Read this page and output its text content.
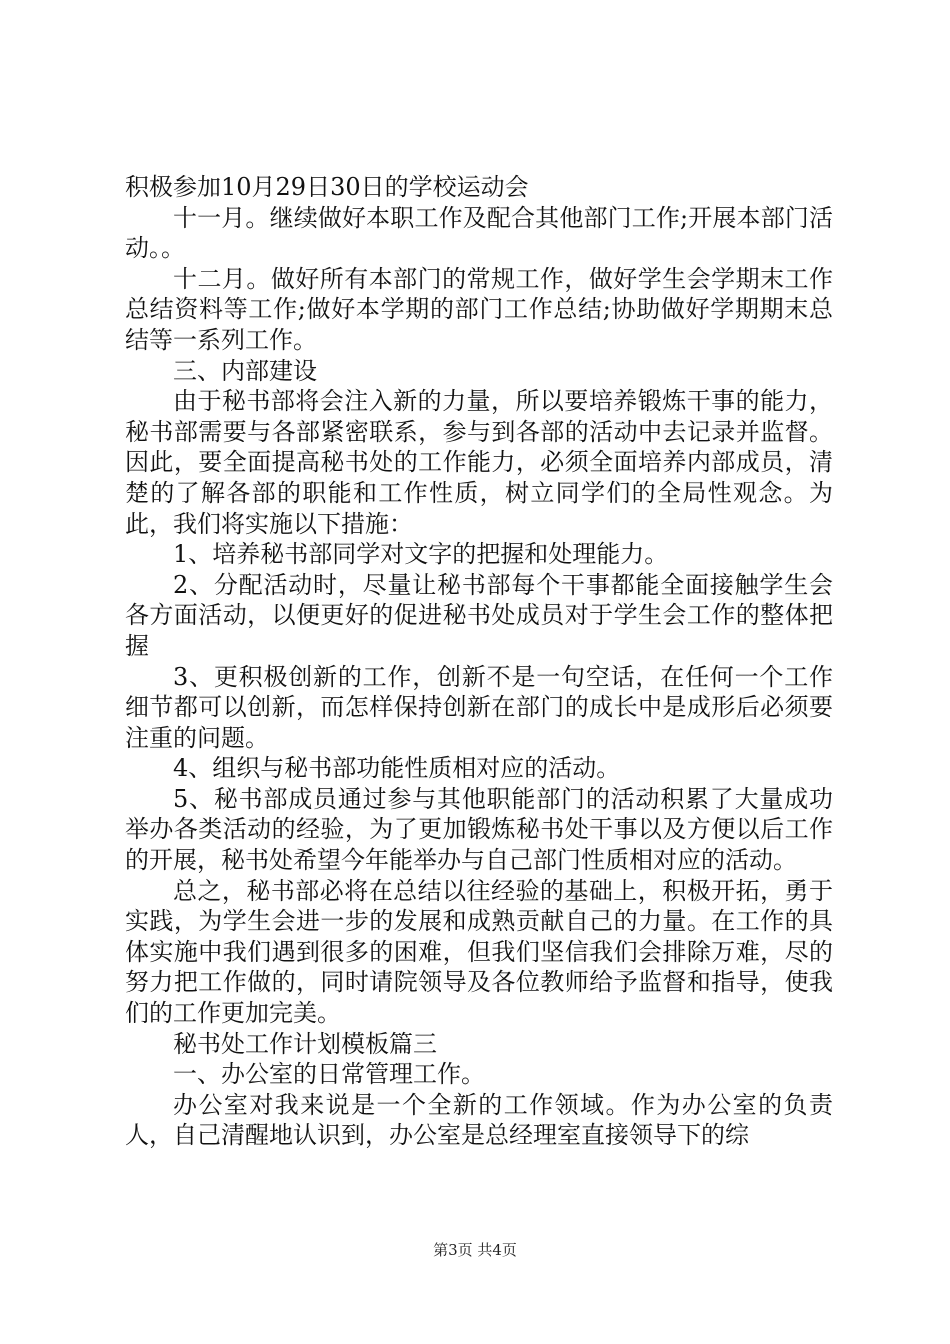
积极参加10月29日30日的学校运动会

十一月。继续做好本职工作及配合其他部门工作;开展本部门活动。。

十二月。做好所有本部门的常规工作，做好学生会学期末工作总结资料等工作;做好本学期的部门工作总结;协助做好学期期末总结等一系列工作。

三、内部建设

由于秘书部将会注入新的力量，所以要培养锻炼干事的能力，秘书部需要与各部紧密联系，参与到各部的活动中去记录并监督。因此，要全面提高秘书处的工作能力，必须全面培养内部成员，清楚的了解各部的职能和工作性质，树立同学们的全局性观念。为此，我们将实施以下措施：

1、培养秘书部同学对文字的把握和处理能力。

2、分配活动时，尽量让秘书部每个干事都能全面接触学生会各方面活动，以便更好的促进秘书处成员对于学生会工作的整体把握

3、更积极创新的工作，创新不是一句空话，在任何一个工作细节都可以创新，而怎样保持创新在部门的成长中是成形后必须要注重的问题。

4、组织与秘书部功能性质相对应的活动。

5、秘书部成员通过参与其他职能部门的活动积累了大量成功举办各类活动的经验，为了更加锻炼秘书处干事以及方便以后工作的开展，秘书处希望今年能举办与自己部门性质相对应的活动。

总之，秘书部必将在总结以往经验的基础上，积极开拓，勇于实践，为学生会进一步的发展和成熟贡献自己的力量。在工作的具体实施中我们遇到很多的困难，但我们坚信我们会排除万难，尽的努力把工作做的，同时请院领导及各位教师给予监督和指导，使我们的工作更加完美。

秘书处工作计划模板篇三

一、办公室的日常管理工作。

办公室对我来说是一个全新的工作领域。作为办公室的负责人，自己清醒地认识到，办公室是总经理室直接领导下的综

第3页 共4页
